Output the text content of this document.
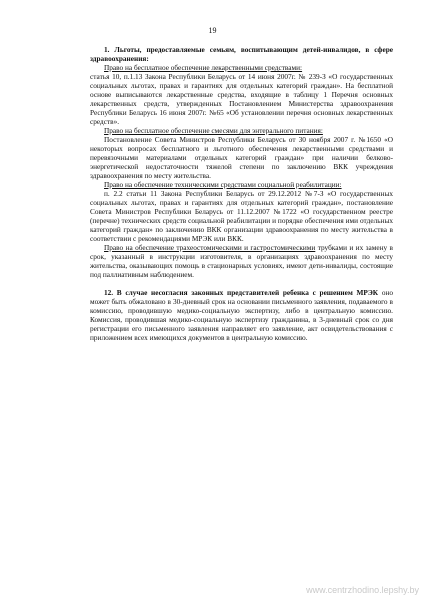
19

1. Льготы, предоставляемые семьям, воспитывающим детей-инвалидов, в сфере здравоохранения:

Право на бесплатное обеспечение лекарственными средствами:

статья 10, п.1.13 Закона Республики Беларусь от 14 июня 2007г. № 239-З «О государственных социальных льготах, правах и гарантиях для отдельных категорий граждан». На бесплатной основе выписываются лекарственные средства, входящие в таблицу 1 Перечня основных лекарственных средств, утвержденных Постановлением Министерства здравоохранения Республики Беларусь 16 июня 2007г. №65 «Об установлении перечня основных лекарственных средств».

Право на бесплатное обеспечение смесями для энтерального питания:

Постановление Совета Министров Республики Беларусь от 30 ноября 2007 г. №1650 «О некоторых вопросах бесплатного и льготного обеспечения лекарственными средствами и перевязочными материалами отдельных категорий граждан» при наличии белково-энергетической недостаточности тяжелой степени по заключению ВКК учреждения здравоохранения по месту жительства.

Право на обеспечение техническими средствами социальной реабилитации:

п. 2.2 статьи 11 Закона Республики Беларусь от 29.12.2012 №7-З «О государственных социальных льготах, правах и гарантиях для отдельных категорий граждан», постановление Совета Министров Республики Беларусь от 11.12.2007 №1722 «О государственном реестре (перечне) технических средств социальной реабилитации и порядке обеспечения ими отдельных категорий граждан» по заключению ВКК организации здравоохранения по месту жительства в соответствии с рекомендациями МРЭК или ВКК.

Право на обеспечение трахеостомическими и гастростомическими трубками и их замену в срок, указанный в инструкции изготовителя, в организациях здравоохранения по месту жительства, оказывающих помощь в стационарных условиях, имеют дети-инвалиды, состоящие под паллиативным наблюдением.

12. В случае несогласия законных представителей ребенка с решением МРЭК оно может быть обжаловано в 30-дневный срок на основании письменного заявления, подаваемого в комиссию, проводившую медико-социальную экспертизу, либо в центральную комиссию. Комиссия, проводившая медико-социальную экспертизу гражданина, в 3-дневный срок со дня регистрации его письменного заявления направляет его заявление, акт освидетельствования с приложением всех имеющихся документов в центральную комиссию.

www.centrzhodino.lepshy.by
